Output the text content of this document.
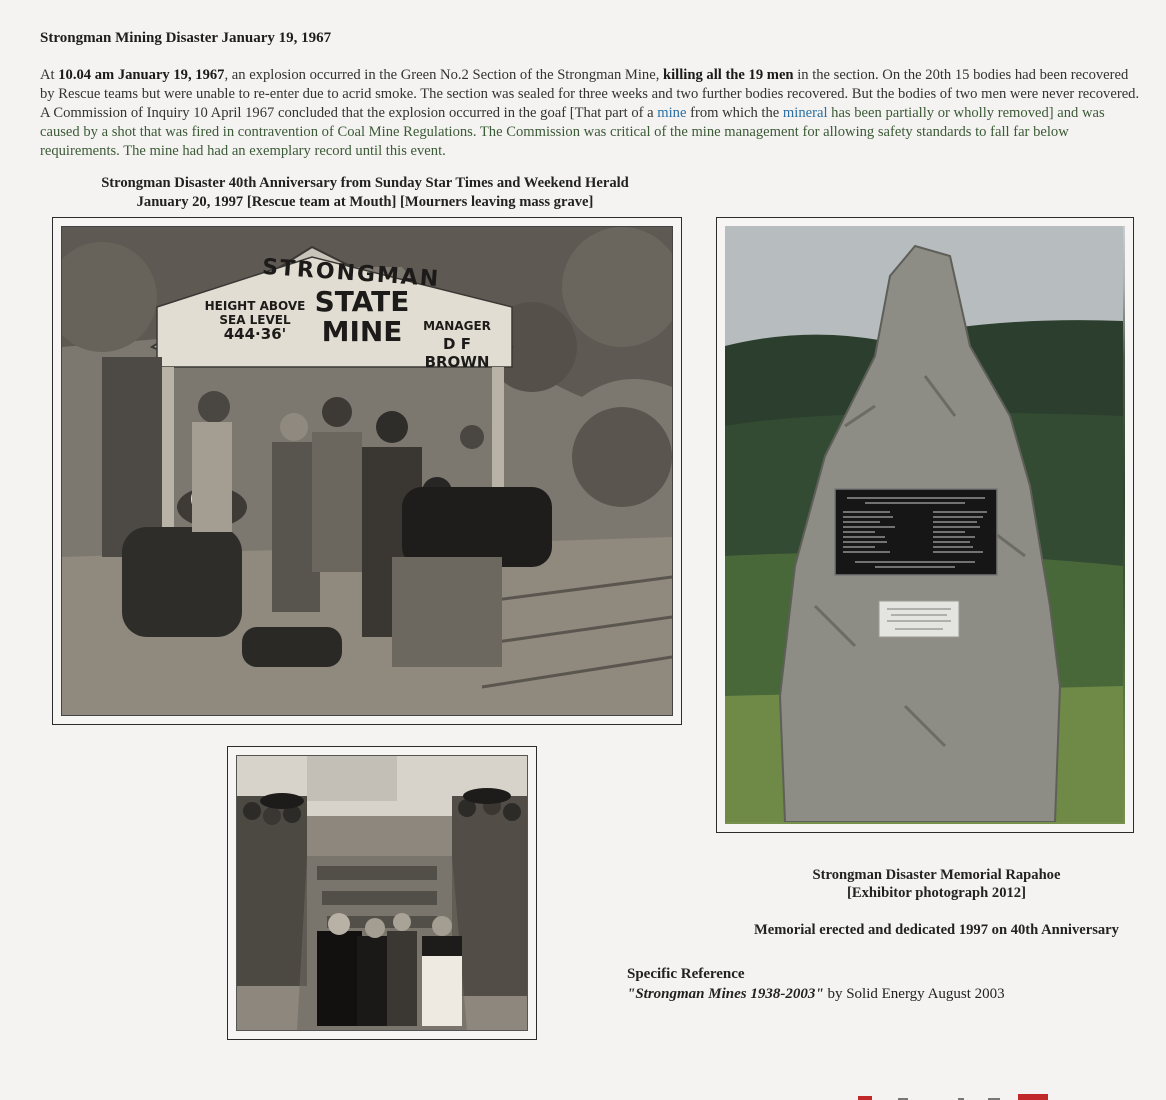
Strongman Mining Disaster January 19, 1967
At 10.04 am January 19, 1967, an explosion occurred in the Green No.2 Section of the Strongman Mine, killing all the 19 men in the section. On the 20th 15 bodies had been recovered by Rescue teams but were unable to re-enter due to acrid smoke. The section was sealed for three weeks and two further bodies recovered. But the bodies of two men were never recovered. A Commission of Inquiry 10 April 1967 concluded that the explosion occurred in the goaf [That part of a mine from which the mineral has been partially or wholly removed] and was caused by a shot that was fired in contravention of Coal Mine Regulations. The Commission was critical of the mine management for allowing safety standards to fall far below requirements. The mine had had an exemplary record until this event.
Strongman Disaster 40th Anniversary from Sunday Star Times and Weekend Herald
January 20, 1997 [Rescue team at Mouth] [Mourners leaving mass grave]
STRONGMAN
HEIGHT ABOVE
SEA LEVEL
444·36'
STATE
MINE	MANAGER
D F BROWN
Strongman Disaster Memorial Rapahoe
[Exhibitor photograph 2012]
Memorial erected and dedicated 1997 on 40th Anniversary
Specific Reference
"Strongman Mines 1938-2003" by Solid Energy August 2003
